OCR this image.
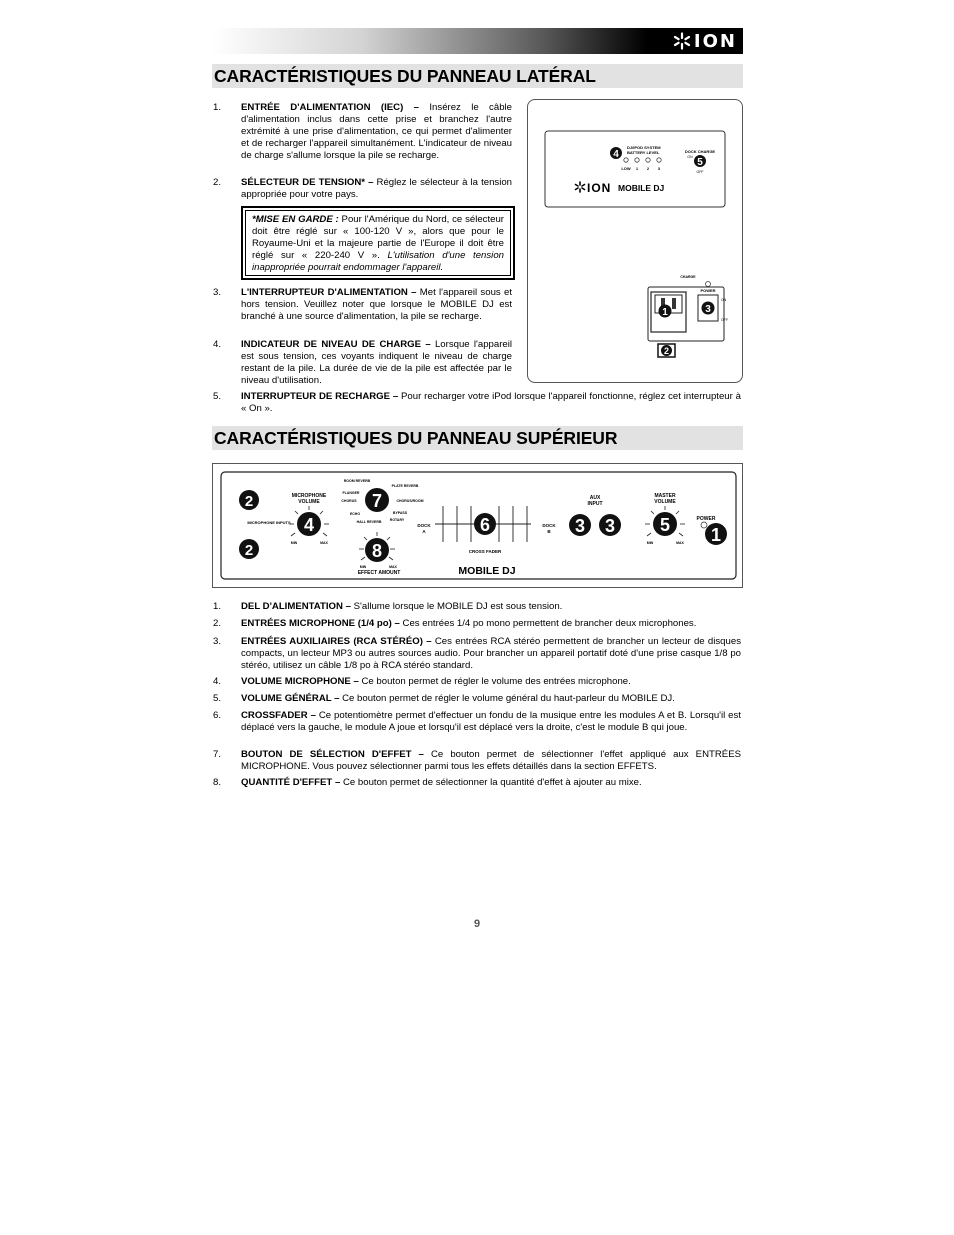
ION
CARACTÉRISTIQUES DU PANNEAU LATÉRAL
1. ENTRÉE D'ALIMENTATION (IEC) – Insérez le câble d'alimentation inclus dans cette prise et branchez l'autre extrémité à une prise d'alimentation, ce qui permet d'alimenter et de recharger l'appareil simultanément. L'indicateur de niveau de charge s'allume lorsque la pile se recharge.
2. SÉLECTEUR DE TENSION* – Réglez le sélecteur à la tension appropriée pour votre pays.
*MISE EN GARDE : Pour l'Amérique du Nord, ce sélecteur doit être réglé sur « 100-120 V », alors que pour le Royaume-Uni et la majeure partie de l'Europe il doit être réglé sur « 220-240 V ». L'utilisation d'une tension inappropriée pourrait endommager l'appareil.
3. L'INTERRUPTEUR D'ALIMENTATION – Met l'appareil sous et hors tension. Veuillez noter que lorsque le MOBILE DJ est branché à une source d'alimentation, la pile se recharge.
4. INDICATEUR DE NIVEAU DE CHARGE – Lorsque l'appareil est sous tension, ces voyants indiquent le niveau de charge restant de la pile. La durée de vie de la pile est affectée par le niveau d'utilisation.
5. INTERRUPTEUR DE RECHARGE – Pour recharger votre iPod lorsque l'appareil fonctionne, réglez cet interrupteur à « On ».
4
DJ/IPOD SYSTEM
BATTERY LEVEL
LOW 1 2 3
DOCK CHARGE
ON 5
OFF
ION MOBILE DJ
CHARGE
1
POWER
3
ON
OFF
2
CARACTÉRISTIQUES DU PANNEAU SUPÉRIEUR
2
2
MICROPHONE INPUTS
MICROPHONE
VOLUME
4
MIN	MAX
ROOM REVERB
PLATE REVERB
FLANGER
CHORUS/ROOM
CHORUS
BYPASS
ECHO
ROTARY
HALL REVERB
7
8
MIN	MAX
EFFECT AMOUNT
DOCK
A	6
CROSS FADER
DOCK
B
MOBILE DJ
AUX
INPUT
3 3
MASTER
VOLUME
5
MIN	MAX
POWER
1
1. DEL D'ALIMENTATION – S'allume lorsque le MOBILE DJ est sous tension.
2. ENTRÉES MICROPHONE (1/4 po) – Ces entrées 1/4 po mono permettent de brancher deux microphones.
3. ENTRÉES AUXILIAIRES (RCA STÉRÉO) – Ces entrées RCA stéréo permettent de brancher un lecteur de disques compacts, un lecteur MP3 ou autres sources audio. Pour brancher un appareil portatif doté d'une prise casque 1/8 po stéréo, utilisez un câble 1/8 po à RCA stéréo standard.
4. VOLUME MICROPHONE – Ce bouton permet de régler le volume des entrées microphone.
5. VOLUME GÉNÉRAL – Ce bouton permet de régler le volume général du haut-parleur du MOBILE DJ.
6. CROSSFADER – Ce potentiomètre permet d'effectuer un fondu de la musique entre les modules A et B. Lorsqu'il est déplacé vers la gauche, le module A joue et lorsqu'il est déplacé vers la droite, c'est le module B qui joue.
7. BOUTON DE SÉLECTION D'EFFET – Ce bouton permet de sélectionner l'effet appliqué aux ENTRÉES MICROPHONE. Vous pouvez sélectionner parmi tous les effets détaillés dans la section EFFETS.
8. QUANTITÉ D'EFFET – Ce bouton permet de sélectionner la quantité d'effet à ajouter au mixe.
9
